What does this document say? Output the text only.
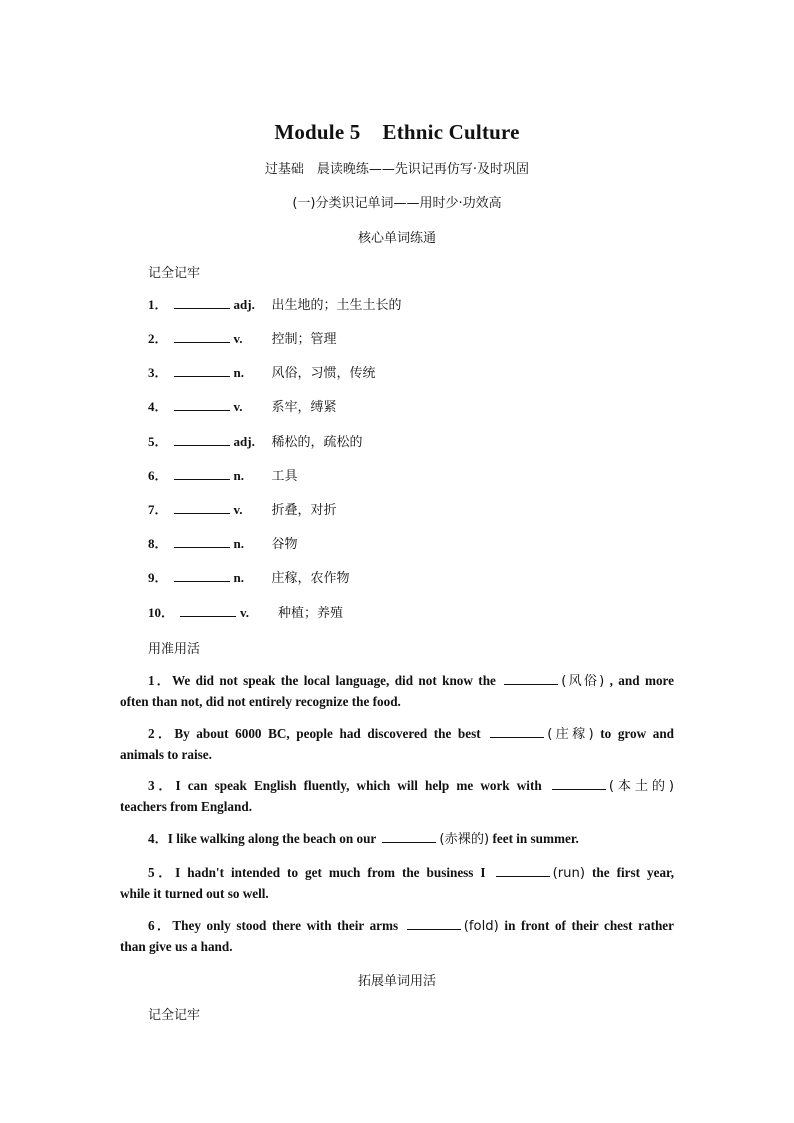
Module 5 Ethnic Culture
过基础　晨读晚练——先识记再仿写·及时巩固
(一)分类识记单词——用时少·功效高
核心单词练通
记全记牢
1．	adj. 出生地的；土生土长的
2．	v. 控制；管理
3．	n. 风俗，习惯，传统
4．	v. 系牢，缚紧
5．	adj. 稀松的，疏松的
6．	n. 工具
7．	v. 折叠，对折
8．	n. 谷物
9．	n. 庄稼，农作物
10．	v. 种植；养殖
用准用活
1．We did not speak the local language, did not know the	(风俗) , and more
often than not, did not entirely recognize the food.
2．By about 6000 BC, people had discovered the best	(庄稼) to grow and
animals to raise.
3．I can speak English fluently, which will help me work with	(本土的)
teachers from England.
4．I like walking along the beach on our	(赤裸的) feet in summer.
5．I hadn't intended to get much from the business I	(run) the first year,
while it turned out so well.
6．They only stood there with their arms	(fold) in front of their chest rather
than give us a hand.
拓展单词用活
记全记牢
